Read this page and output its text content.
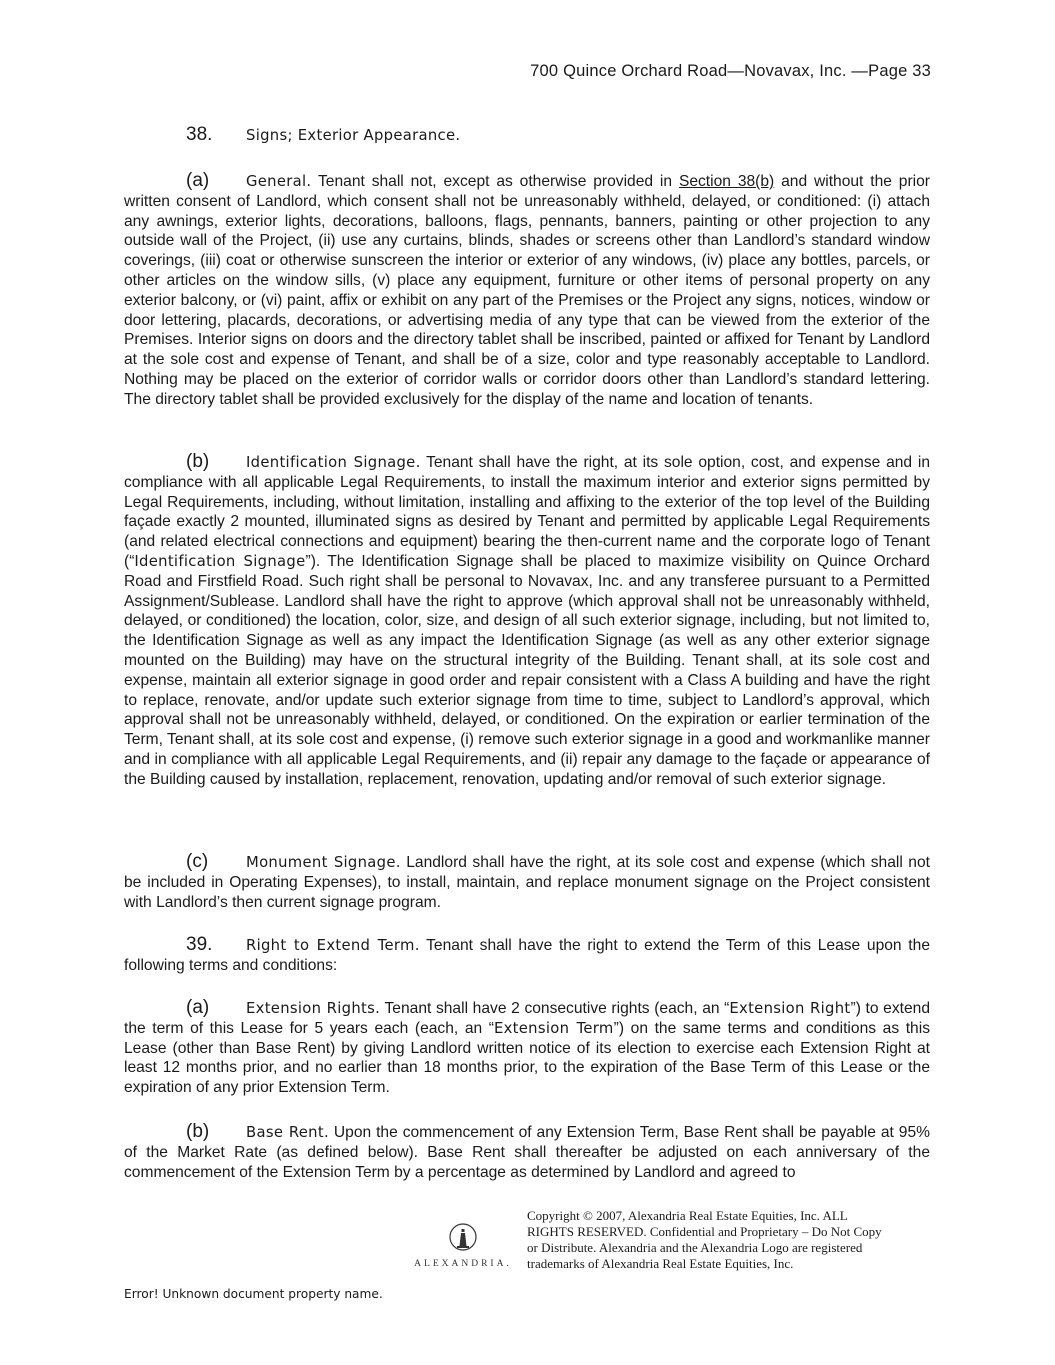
700 Quince Orchard Road—Novavax, Inc. —Page 33
38. Signs; Exterior Appearance.
(a) General. Tenant shall not, except as otherwise provided in Section 38(b) and without the prior written consent of Landlord, which consent shall not be unreasonably withheld, delayed, or conditioned: (i) attach any awnings, exterior lights, decorations, balloons, flags, pennants, banners, painting or other projection to any outside wall of the Project, (ii) use any curtains, blinds, shades or screens other than Landlord’s standard window coverings, (iii) coat or otherwise sunscreen the interior or exterior of any windows, (iv) place any bottles, parcels, or other articles on the window sills, (v) place any equipment, furniture or other items of personal property on any exterior balcony, or (vi) paint, affix or exhibit on any part of the Premises or the Project any signs, notices, window or door lettering, placards, decorations, or advertising media of any type that can be viewed from the exterior of the Premises. Interior signs on doors and the directory tablet shall be inscribed, painted or affixed for Tenant by Landlord at the sole cost and expense of Tenant, and shall be of a size, color and type reasonably acceptable to Landlord. Nothing may be placed on the exterior of corridor walls or corridor doors other than Landlord’s standard lettering. The directory tablet shall be provided exclusively for the display of the name and location of tenants.
(b) Identification Signage. Tenant shall have the right, at its sole option, cost, and expense and in compliance with all applicable Legal Requirements, to install the maximum interior and exterior signs permitted by Legal Requirements, including, without limitation, installing and affixing to the exterior of the top level of the Building façade exactly 2 mounted, illuminated signs as desired by Tenant and permitted by applicable Legal Requirements (and related electrical connections and equipment) bearing the then-current name and the corporate logo of Tenant (“Identification Signage”). The Identification Signage shall be placed to maximize visibility on Quince Orchard Road and Firstfield Road. Such right shall be personal to Novavax, Inc. and any transferee pursuant to a Permitted Assignment/Sublease. Landlord shall have the right to approve (which approval shall not be unreasonably withheld, delayed, or conditioned) the location, color, size, and design of all such exterior signage, including, but not limited to, the Identification Signage as well as any impact the Identification Signage (as well as any other exterior signage mounted on the Building) may have on the structural integrity of the Building. Tenant shall, at its sole cost and expense, maintain all exterior signage in good order and repair consistent with a Class A building and have the right to replace, renovate, and/or update such exterior signage from time to time, subject to Landlord’s approval, which approval shall not be unreasonably withheld, delayed, or conditioned. On the expiration or earlier termination of the Term, Tenant shall, at its sole cost and expense, (i) remove such exterior signage in a good and workmanlike manner and in compliance with all applicable Legal Requirements, and (ii) repair any damage to the façade or appearance of the Building caused by installation, replacement, renovation, updating and/or removal of such exterior signage.
(c)	Monument Signage. Landlord shall have the right, at its sole cost and expense (which shall not be included in Operating Expenses), to install, maintain, and replace monument signage on the Project consistent with Landlord’s then current signage program.
39. Right to Extend Term. Tenant shall have the right to extend the Term of this Lease upon the following terms and conditions:
(a) Extension Rights. Tenant shall have 2 consecutive rights (each, an “Extension Right”) to extend the term of this Lease for 5 years each (each, an “Extension Term”) on the same terms and conditions as this Lease (other than Base Rent) by giving Landlord written notice of its election to exercise each Extension Right at least 12 months prior, and no earlier than 18 months prior, to the expiration of the Base Term of this Lease or the expiration of any prior Extension Term.
(b) Base Rent. Upon the commencement of any Extension Term, Base Rent shall be payable at 95% of the Market Rate (as defined below). Base Rent shall thereafter be adjusted on each anniversary of the commencement of the Extension Term by a percentage as determined by Landlord and agreed to
ALEXANDRIA.
Copyright © 2007, Alexandria Real Estate Equities, Inc. ALL RIGHTS RESERVED. Confidential and Proprietary – Do Not Copy or Distribute. Alexandria and the Alexandria Logo are registered trademarks of Alexandria Real Estate Equities, Inc.
Error! Unknown document property name.
